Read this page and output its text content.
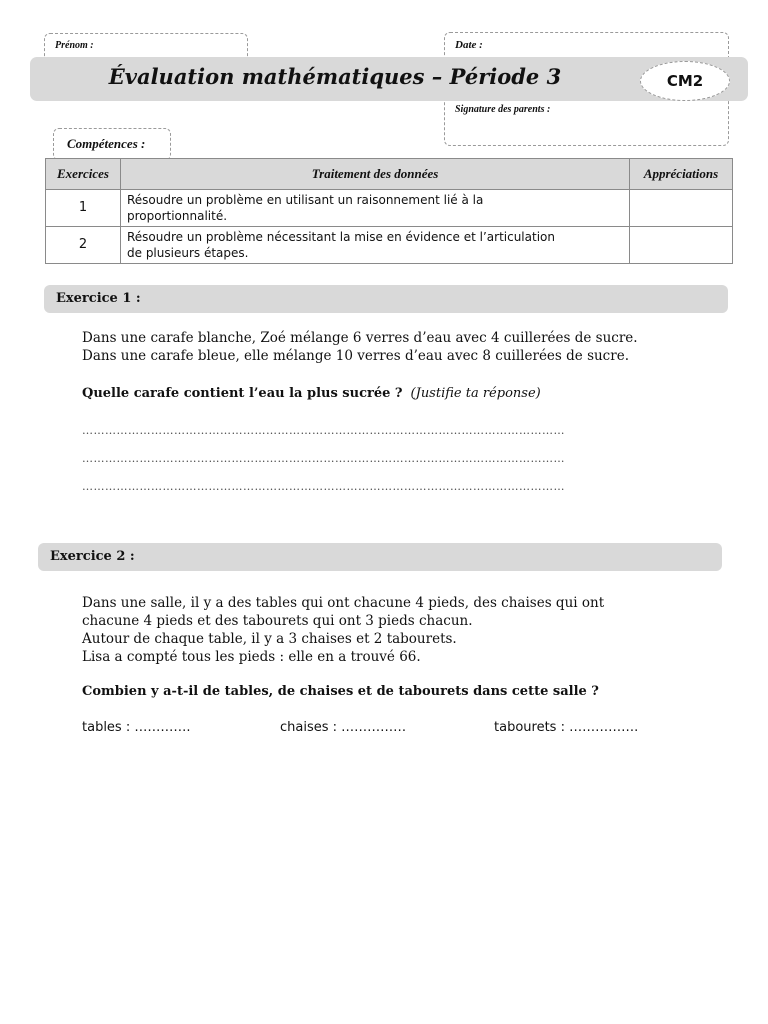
Prénom :	Date :
Évaluation mathématiques – Période 3	CM2
Signature des parents :
Compétences :
Exercices	Traitement des données	Appréciations
1	Résoudre un problème en utilisant un raisonnement lié à la
proportionnalité.	
2	Résoudre un problème nécessitant la mise en évidence et l’articulation
de plusieurs étapes.	
Exercice 1 :
Dans une carafe blanche, Zoé mélange 6 verres d’eau avec 4 cuillerées de sucre.
Dans une carafe bleue, elle mélange 10 verres d’eau avec 8 cuillerées de sucre.
Quelle carafe contient l’eau la plus sucrée ? (Justifie ta réponse)
………………………………………………………………………………………………………………
………………………………………………………………………………………………………………
………………………………………………………………………………………………………………
Exercice 2 :
Dans une salle, il y a des tables qui ont chacune 4 pieds, des chaises qui ont
chacune 4 pieds et des tabourets qui ont 3 pieds chacun.
Autour de chaque table, il y a 3 chaises et 2 tabourets.
Lisa a compté tous les pieds : elle en a trouvé 66.
Combien y a-t-il de tables, de chaises et de tabourets dans cette salle ?
tables : ………….	chaises : ……………	tabourets : …………….
